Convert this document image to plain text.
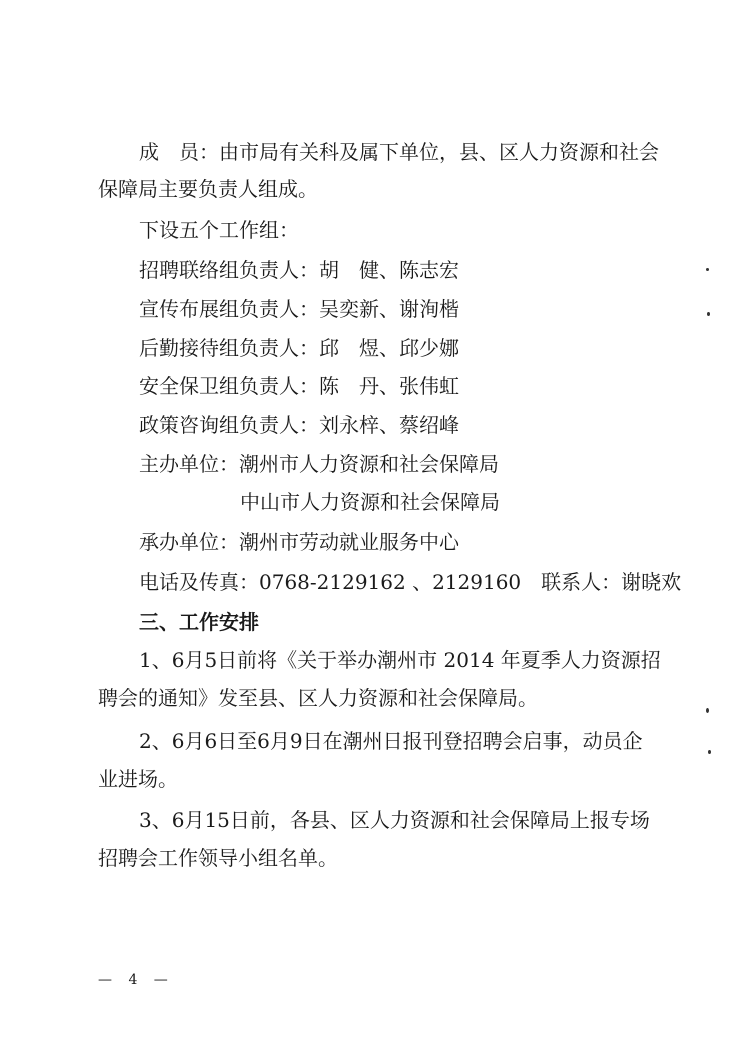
成　员：由市局有关科及属下单位，县、区人力资源和社会
保障局主要负责人组成。
下设五个工作组：
招聘联络组负责人：胡　健、陈志宏
宣传布展组负责人：吴奕新、谢洵楷
后勤接待组负责人：邱　煜、邱少娜
安全保卫组负责人：陈　丹、张伟虹
政策咨询组负责人：刘永梓、蔡绍峰
主办单位：潮州市人力资源和社会保障局
中山市人力资源和社会保障局
承办单位：潮州市劳动就业服务中心
电话及传真：0768-2129162 、2129160　联系人：谢晓欢
三、工作安排
1、6月5日前将《关于举办潮州市 2014 年夏季人力资源招
聘会的通知》发至县、区人力资源和社会保障局。
2、6月6日至6月9日在潮州日报刊登招聘会启事，动员企
业进场。
3、6月15日前，各县、区人力资源和社会保障局上报专场
招聘会工作领导小组名单。
— 4 —
